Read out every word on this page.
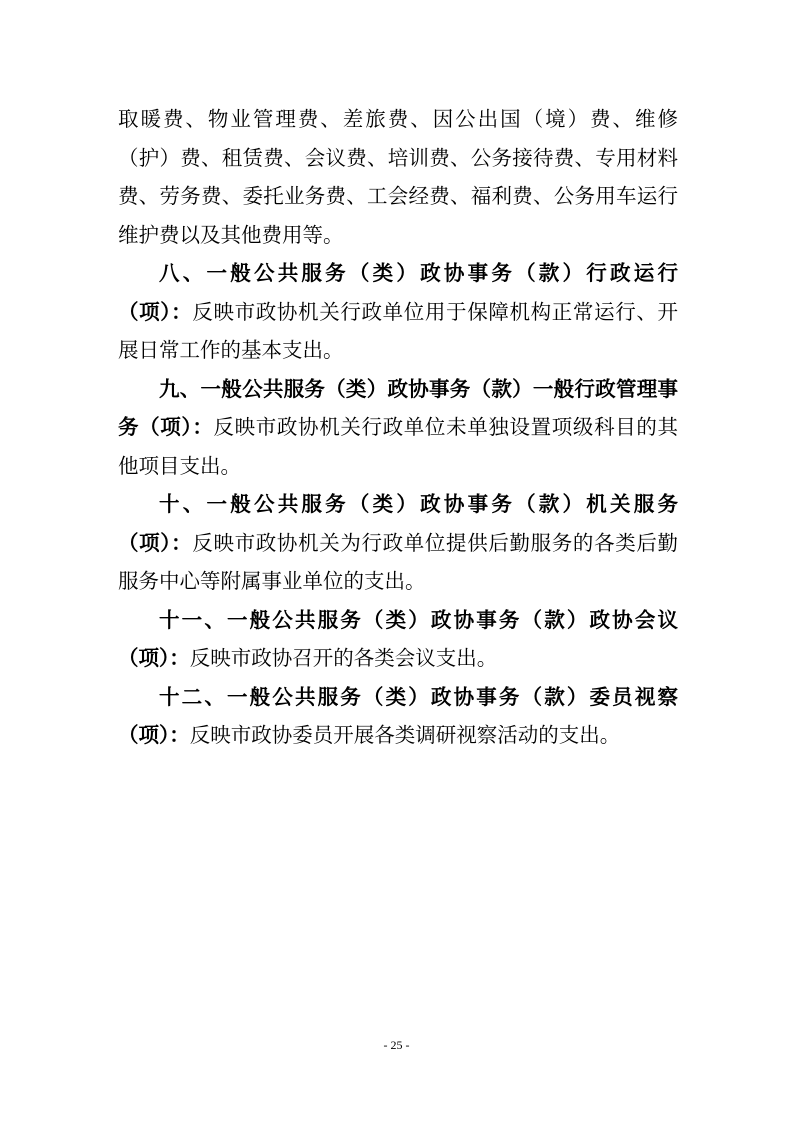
取暖费、物业管理费、差旅费、因公出国（境）费、维修（护）费、租赁费、会议费、培训费、公务接待费、专用材料费、劳务费、委托业务费、工会经费、福利费、公务用车运行维护费以及其他费用等。

八、一般公共服务（类）政协事务（款）行政运行（项）：反映市政协机关行政单位用于保障机构正常运行、开展日常工作的基本支出。

九、一般公共服务（类）政协事务（款）一般行政管理事务（项）：反映市政协机关行政单位未单独设置项级科目的其他项目支出。

十、一般公共服务（类）政协事务（款）机关服务（项）：反映市政协机关为行政单位提供后勤服务的各类后勤服务中心等附属事业单位的支出。

十一、一般公共服务（类）政协事务（款）政协会议（项）：反映市政协召开的各类会议支出。

十二、一般公共服务（类）政协事务（款）委员视察（项）：反映市政协委员开展各类调研视察活动的支出。

- 25 -
